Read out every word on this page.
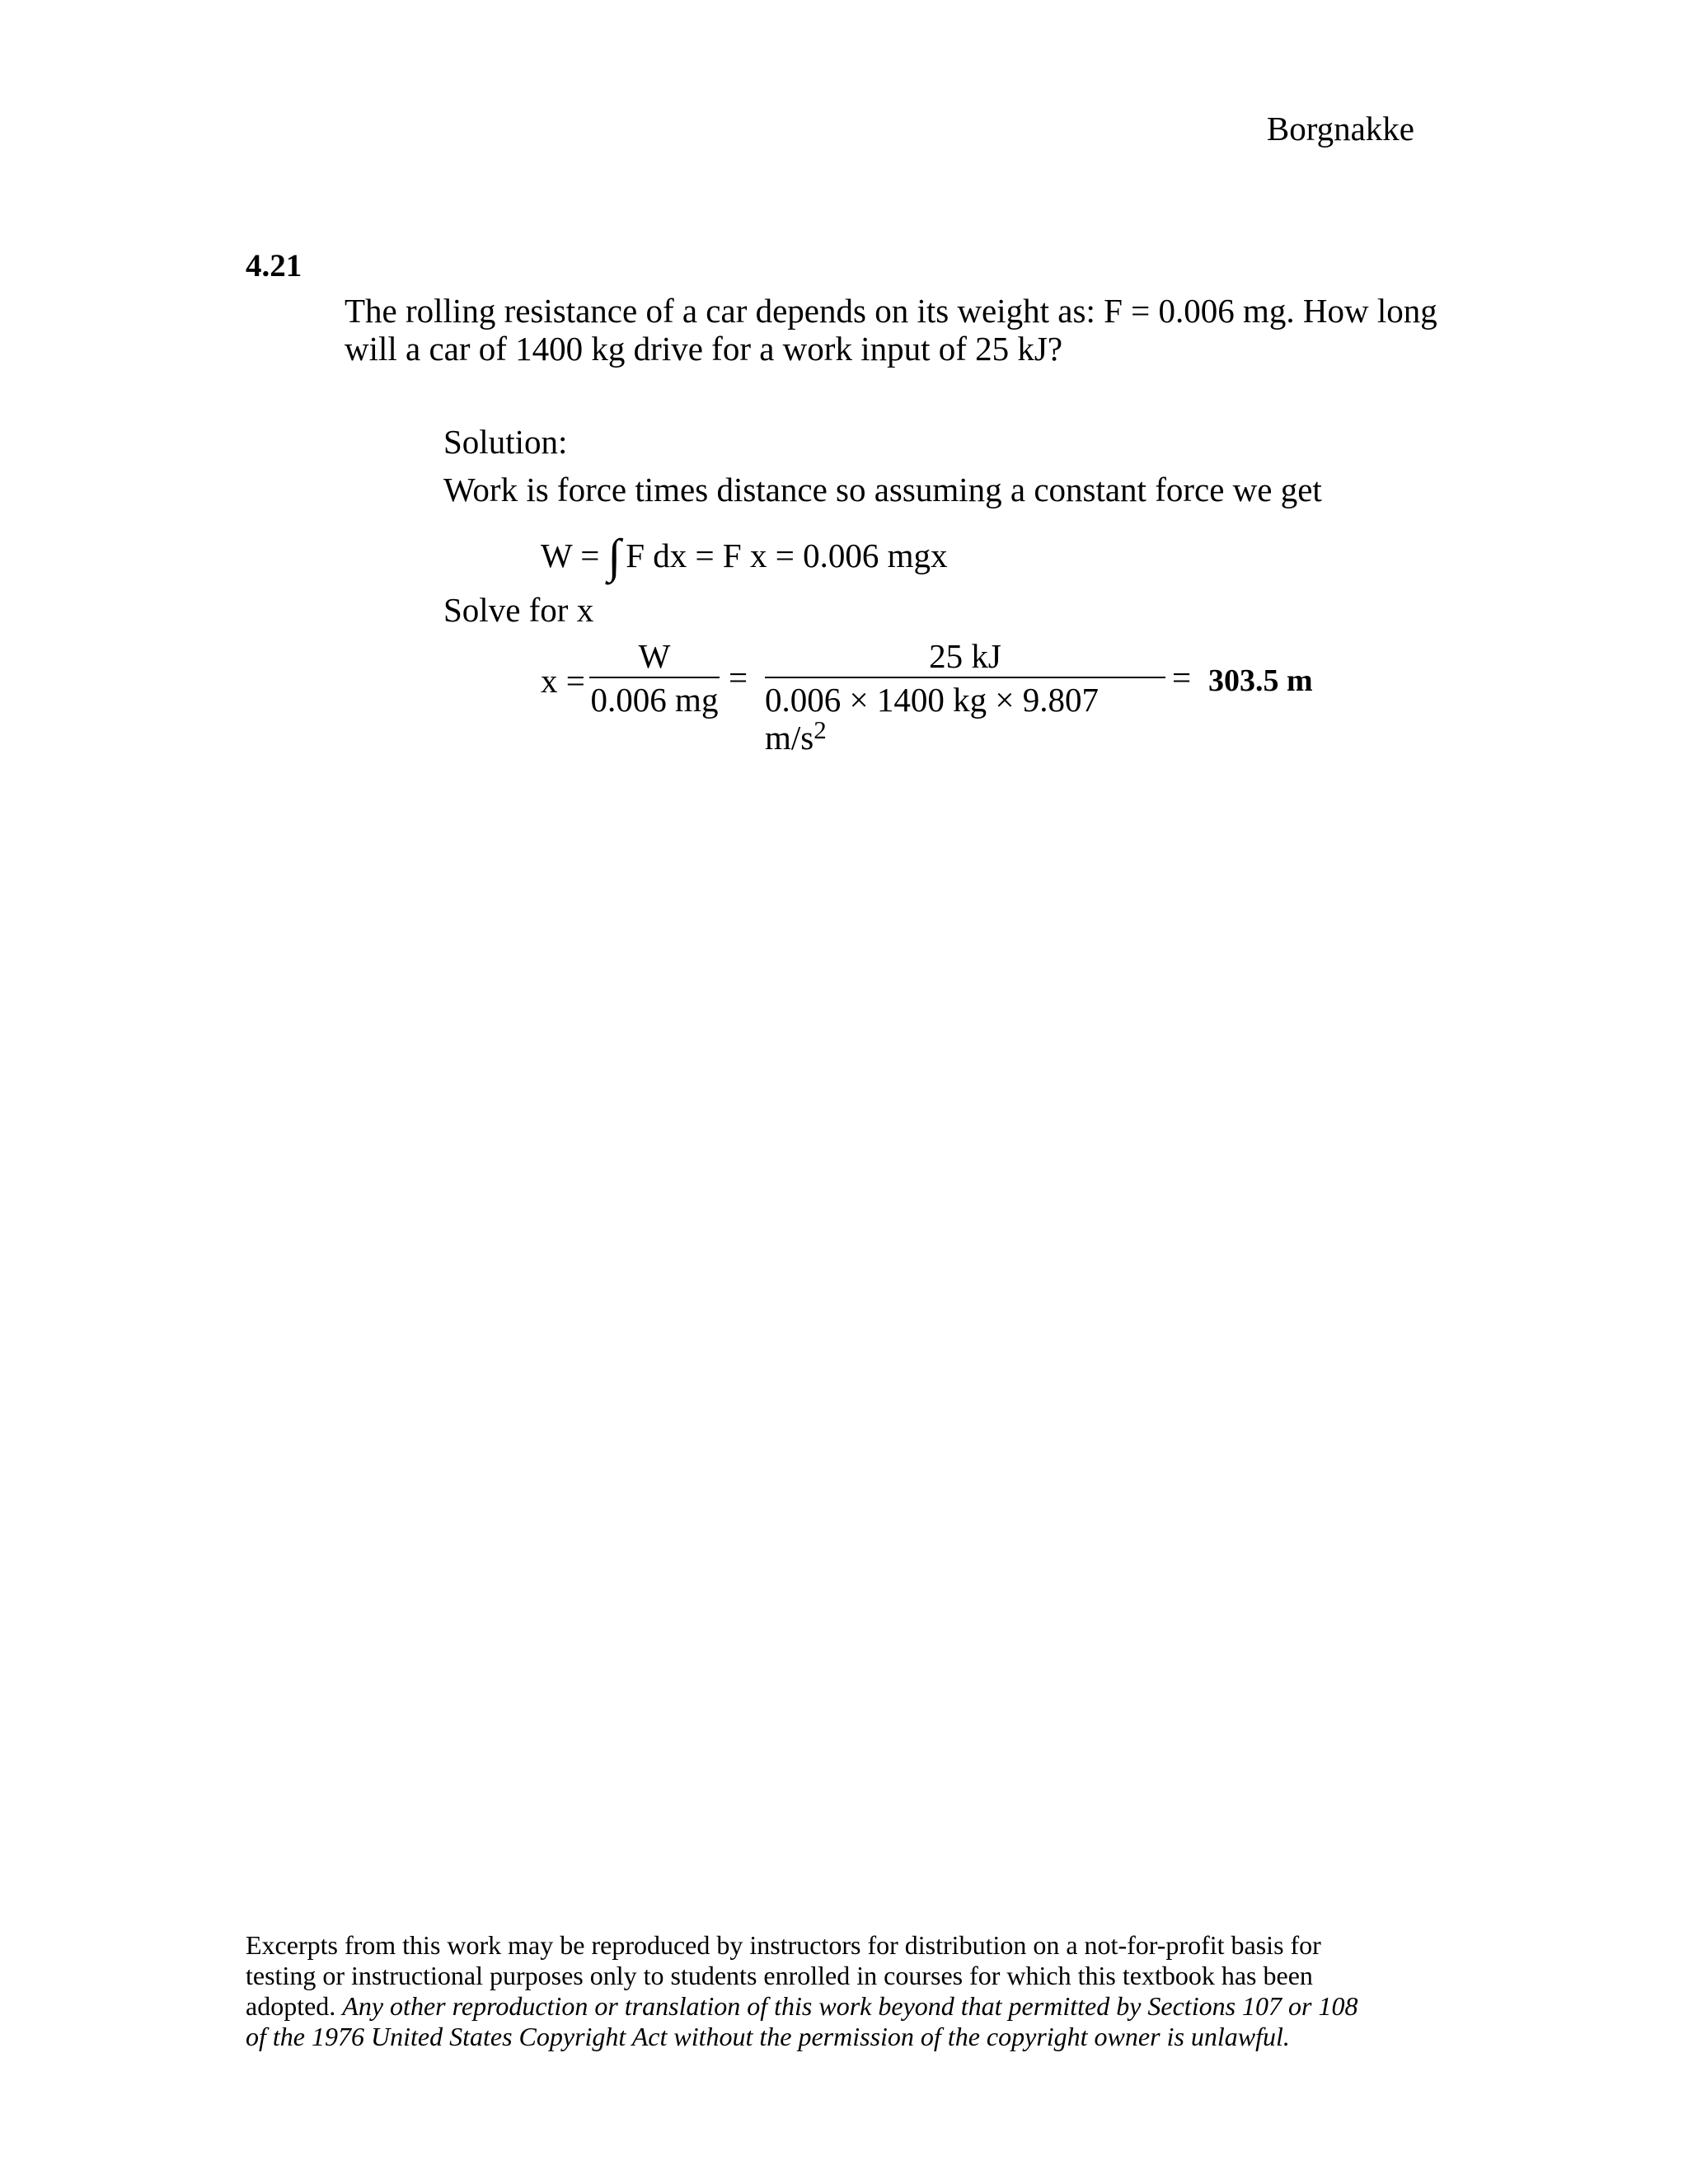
Borgnakke
4.21
The rolling resistance of a car depends on its weight as: F = 0.006 mg. How long
will a car of 1400 kg drive for a work input of 25 kJ?
Solution:
Work is force times distance so assuming a constant force we get
W = ∫ F dx = F x = 0.006 mgx
Solve for x
x =
W
0.006 mg
=
25 kJ
0.006 × 1400 kg × 9.807 $m/s^2$
= 303.5 m
Excerpts from this work may be reproduced by instructors for distribution on a not-for-profit basis for
testing or instructional purposes only to students enrolled in courses for which this textbook has been
adopted. Any other reproduction or translation of this work beyond that permitted by Sections 107 or 108
of the 1976 United States Copyright Act without the permission of the copyright owner is unlawful.
